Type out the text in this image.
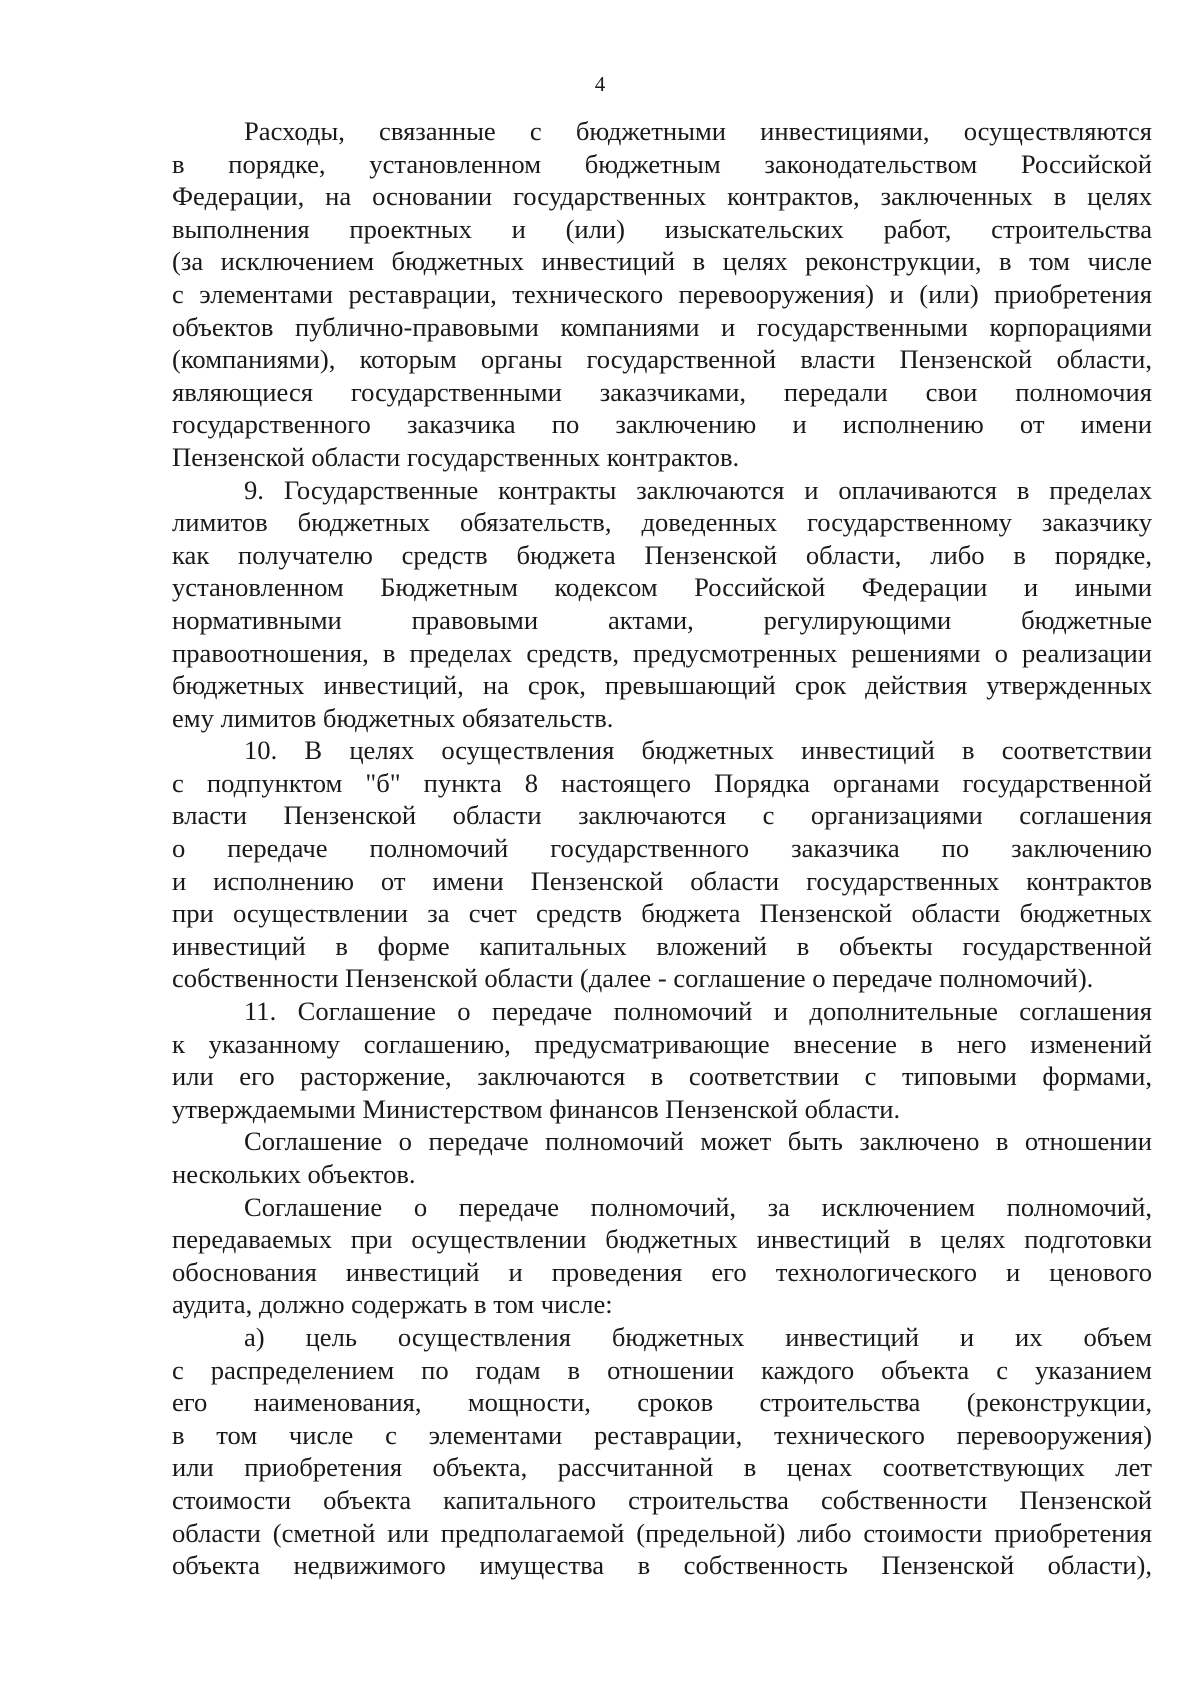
4
Расходы, связанные с бюджетными инвестициями, осуществляются
в порядке, установленном бюджетным законодательством Российской
Федерации, на основании государственных контрактов, заключенных в целях
выполнения проектных и (или) изыскательских работ, строительства
(за исключением бюджетных инвестиций в целях реконструкции, в том числе
с элементами реставрации, технического перевооружения) и (или) приобретения
объектов публично-правовыми компаниями и государственными корпорациями
(компаниями), которым органы государственной власти Пензенской области,
являющиеся государственными заказчиками, передали свои полномочия
государственного заказчика по заключению и исполнению от имени
Пензенской области государственных контрактов.
9. Государственные контракты заключаются и оплачиваются в пределах
лимитов бюджетных обязательств, доведенных государственному заказчику
как получателю средств бюджета Пензенской области, либо в порядке,
установленном Бюджетным кодексом Российской Федерации и иными
нормативными правовыми актами, регулирующими бюджетные
правоотношения, в пределах средств, предусмотренных решениями о реализации
бюджетных инвестиций, на срок, превышающий срок действия утвержденных
ему лимитов бюджетных обязательств.
10. В целях осуществления бюджетных инвестиций в соответствии
с подпунктом "б" пункта 8 настоящего Порядка органами государственной
власти Пензенской области заключаются с организациями соглашения
о передаче полномочий государственного заказчика по заключению
и исполнению от имени Пензенской области государственных контрактов
при осуществлении за счет средств бюджета Пензенской области бюджетных
инвестиций в форме капитальных вложений в объекты государственной
собственности Пензенской области (далее - соглашение о передаче полномочий).
11. Соглашение о передаче полномочий и дополнительные соглашения
к указанному соглашению, предусматривающие внесение в него изменений
или его расторжение, заключаются в соответствии с типовыми формами,
утверждаемыми Министерством финансов Пензенской области.
Соглашение о передаче полномочий может быть заключено в отношении
нескольких объектов.
Соглашение о передаче полномочий, за исключением полномочий,
передаваемых при осуществлении бюджетных инвестиций в целях подготовки
обоснования инвестиций и проведения его технологического и ценового
аудита, должно содержать в том числе:
а) цель осуществления бюджетных инвестиций и их объем
с распределением по годам в отношении каждого объекта с указанием
его наименования, мощности, сроков строительства (реконструкции,
в том числе с элементами реставрации, технического перевооружения)
или приобретения объекта, рассчитанной в ценах соответствующих лет
стоимости объекта капитального строительства собственности Пензенской
области (сметной или предполагаемой (предельной) либо стоимости приобретения
объекта недвижимого имущества в собственность Пензенской области),
